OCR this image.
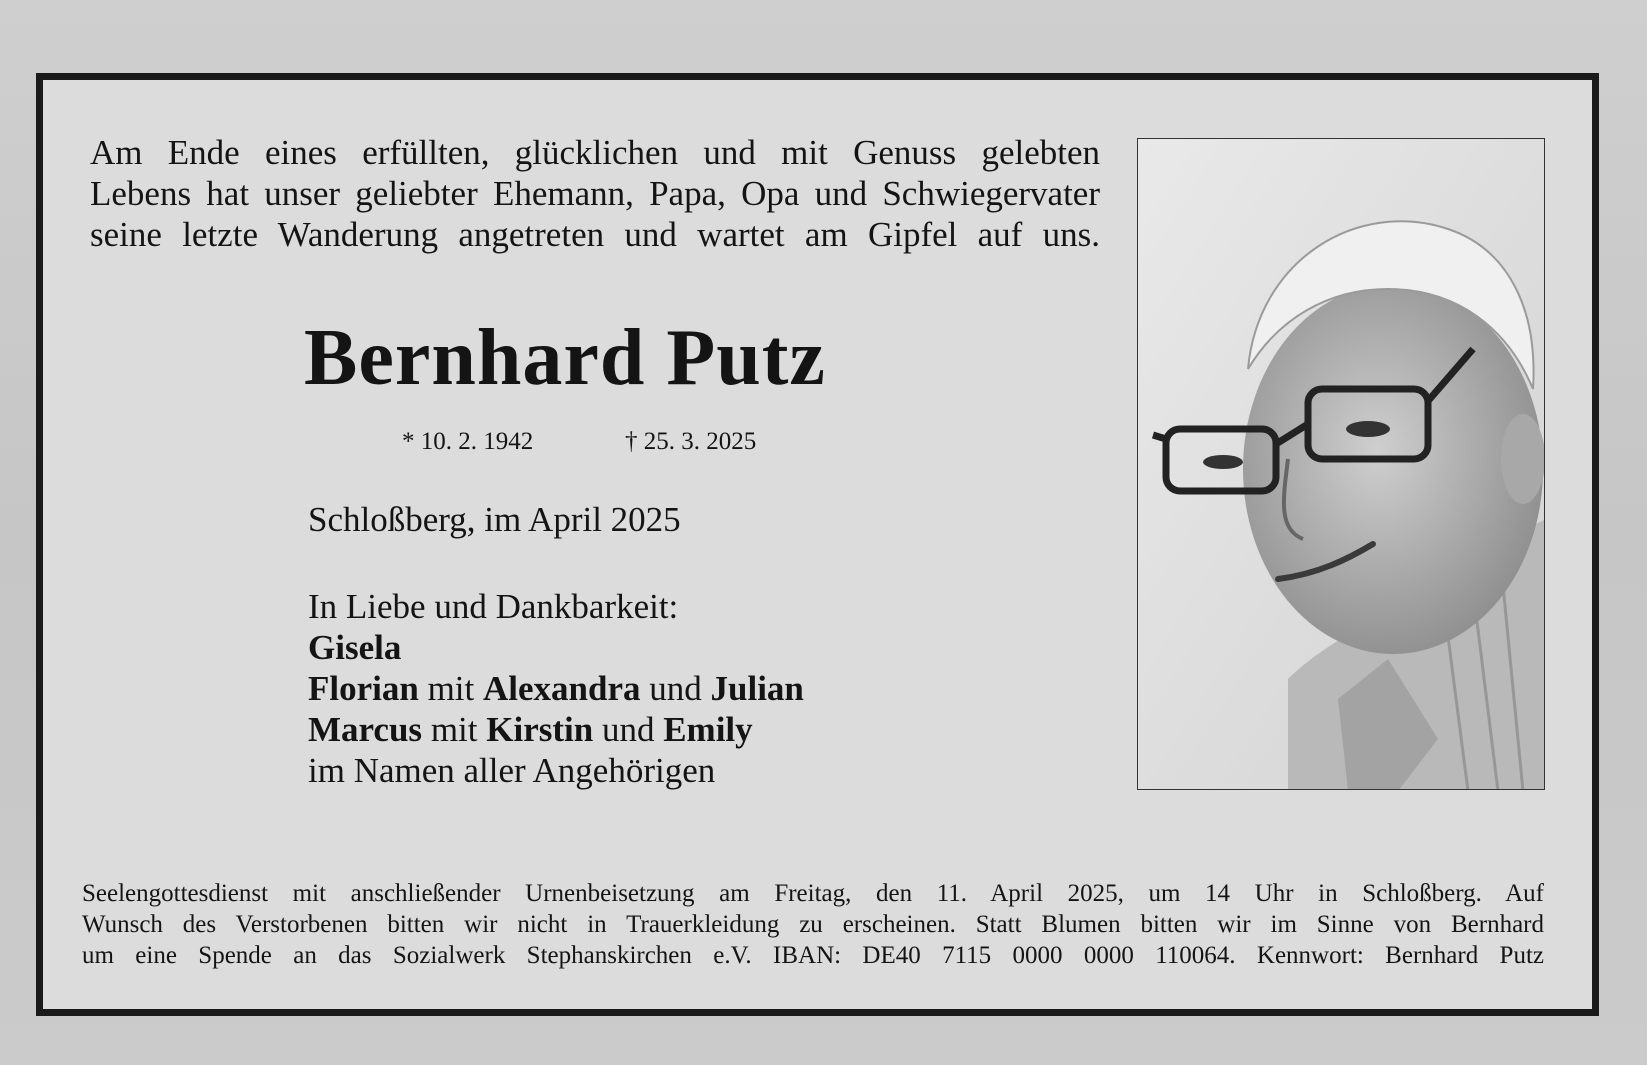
Am Ende eines erfüllten, glücklichen und mit Genuss gelebten
Lebens hat unser geliebter Ehemann, Papa, Opa und Schwiegervater
seine letzte Wanderung angetreten und wartet am Gipfel auf uns.
Bernhard Putz
* 10. 2. 1942	† 25. 3. 2025
Schloßberg, im April 2025
In Liebe und Dankbarkeit:
Gisela
Florian mit Alexandra und Julian
Marcus mit Kirstin und Emily
im Namen aller Angehörigen
Seelengottesdienst mit anschließender Urnenbeisetzung am Freitag, den 11. April 2025, um 14 Uhr in Schloßberg. Auf
Wunsch des Verstorbenen bitten wir nicht in Trauerkleidung zu erscheinen. Statt Blumen bitten wir im Sinne von Bernhard
um eine Spende an das Sozialwerk Stephanskirchen e.V. IBAN: DE40 7115 0000 0000 110064. Kennwort: Bernhard Putz
